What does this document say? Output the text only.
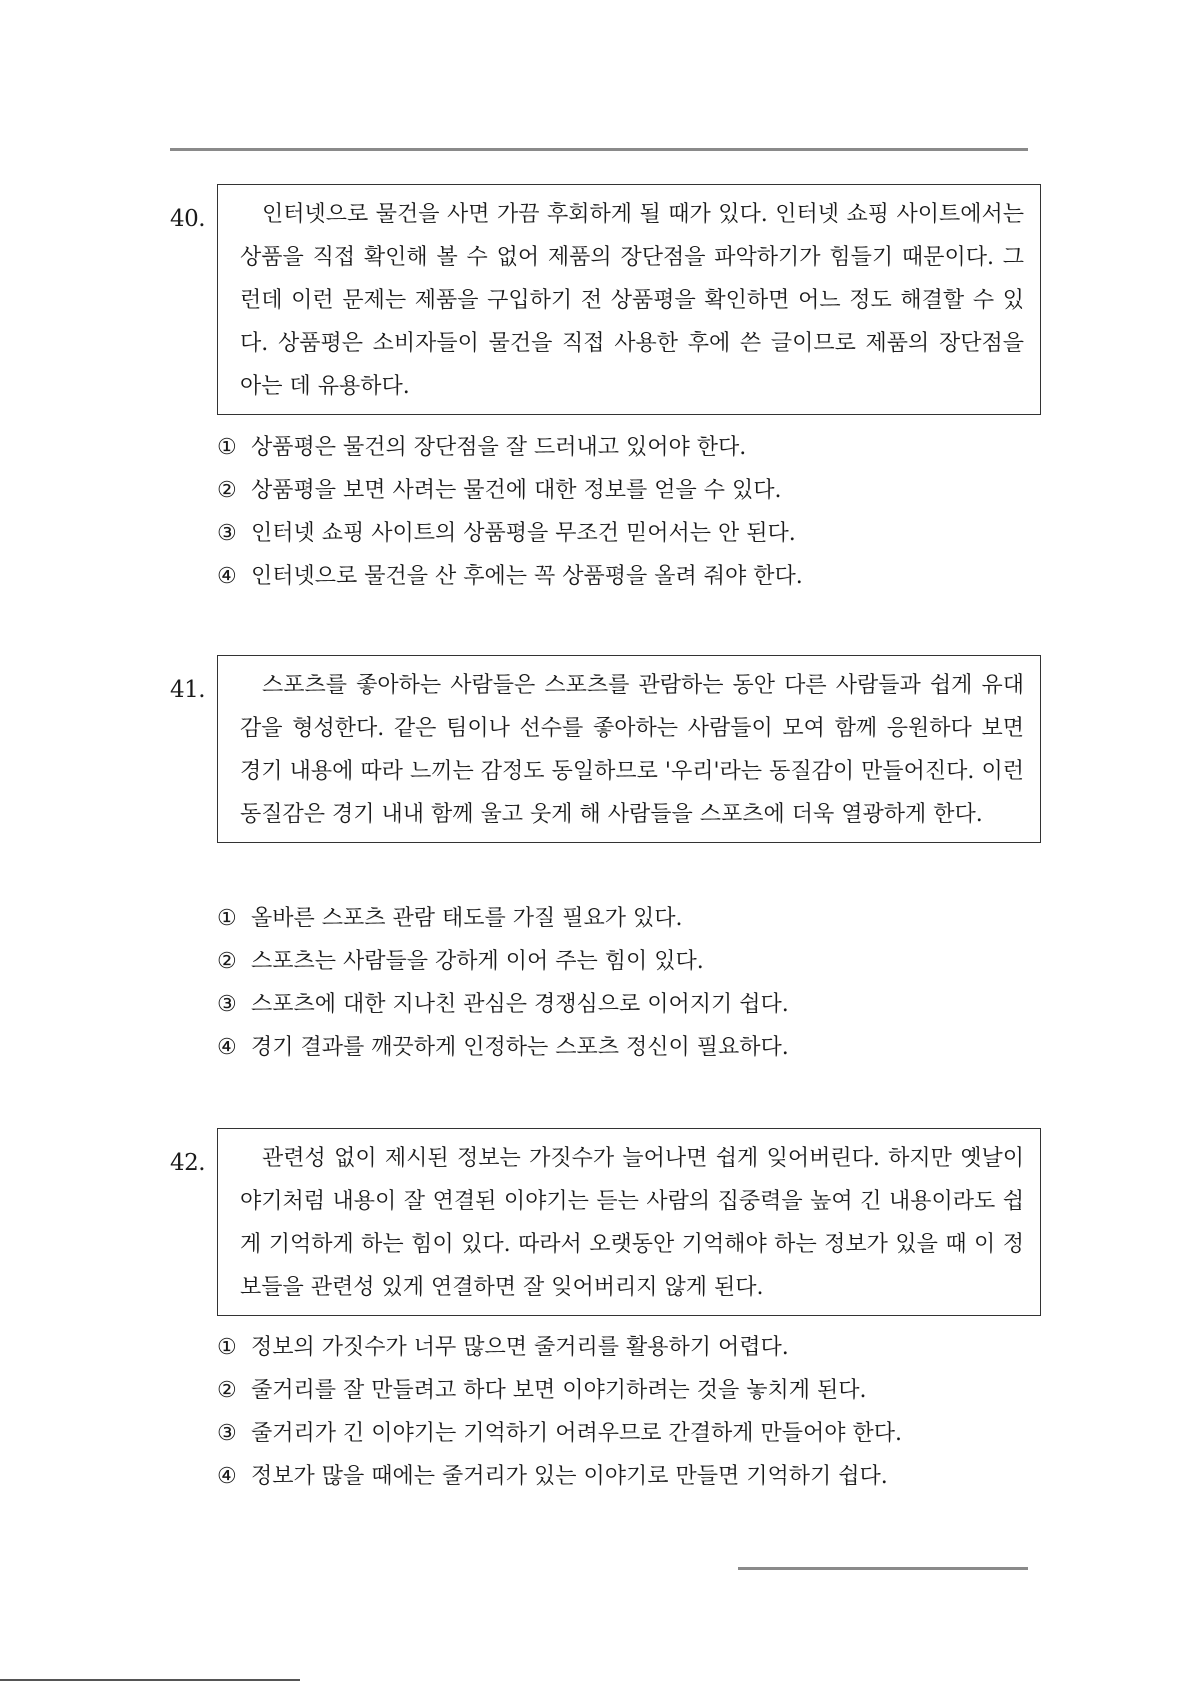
40.	인터넷으로 물건을 사면 가끔 후회하게 될 때가 있다. 인터넷 쇼핑 사이트에서는 상품을 직접 확인해 볼 수 없어 제품의 장단점을 파악하기가 힘들기 때문이다. 그런데 이런 문제는 제품을 구입하기 전 상품평을 확인하면 어느 정도 해결할 수 있다. 상품평은 소비자들이 물건을 직접 사용한 후에 쓴 글이므로 제품의 장단점을 아는 데 유용하다.
① 상품평은 물건의 장단점을 잘 드러내고 있어야 한다.
② 상품평을 보면 사려는 물건에 대한 정보를 얻을 수 있다.
③ 인터넷 쇼핑 사이트의 상품평을 무조건 믿어서는 안 된다.
④ 인터넷으로 물건을 산 후에는 꼭 상품평을 올려 줘야 한다.
41.	스포츠를 좋아하는 사람들은 스포츠를 관람하는 동안 다른 사람들과 쉽게 유대감을 형성한다. 같은 팀이나 선수를 좋아하는 사람들이 모여 함께 응원하다 보면 경기 내용에 따라 느끼는 감정도 동일하므로 '우리'라는 동질감이 만들어진다. 이런 동질감은 경기 내내 함께 울고 웃게 해 사람들을 스포츠에 더욱 열광하게 한다.
① 올바른 스포츠 관람 태도를 가질 필요가 있다.
② 스포츠는 사람들을 강하게 이어 주는 힘이 있다.
③ 스포츠에 대한 지나친 관심은 경쟁심으로 이어지기 쉽다.
④ 경기 결과를 깨끗하게 인정하는 스포츠 정신이 필요하다.
42.	관련성 없이 제시된 정보는 가짓수가 늘어나면 쉽게 잊어버린다. 하지만 옛날이야기처럼 내용이 잘 연결된 이야기는 듣는 사람의 집중력을 높여 긴 내용이라도 쉽게 기억하게 하는 힘이 있다. 따라서 오랫동안 기억해야 하는 정보가 있을 때 이 정보들을 관련성 있게 연결하면 잘 잊어버리지 않게 된다.
① 정보의 가짓수가 너무 많으면 줄거리를 활용하기 어렵다.
② 줄거리를 잘 만들려고 하다 보면 이야기하려는 것을 놓치게 된다.
③ 줄거리가 긴 이야기는 기억하기 어려우므로 간결하게 만들어야 한다.
④ 정보가 많을 때에는 줄거리가 있는 이야기로 만들면 기억하기 쉽다.
